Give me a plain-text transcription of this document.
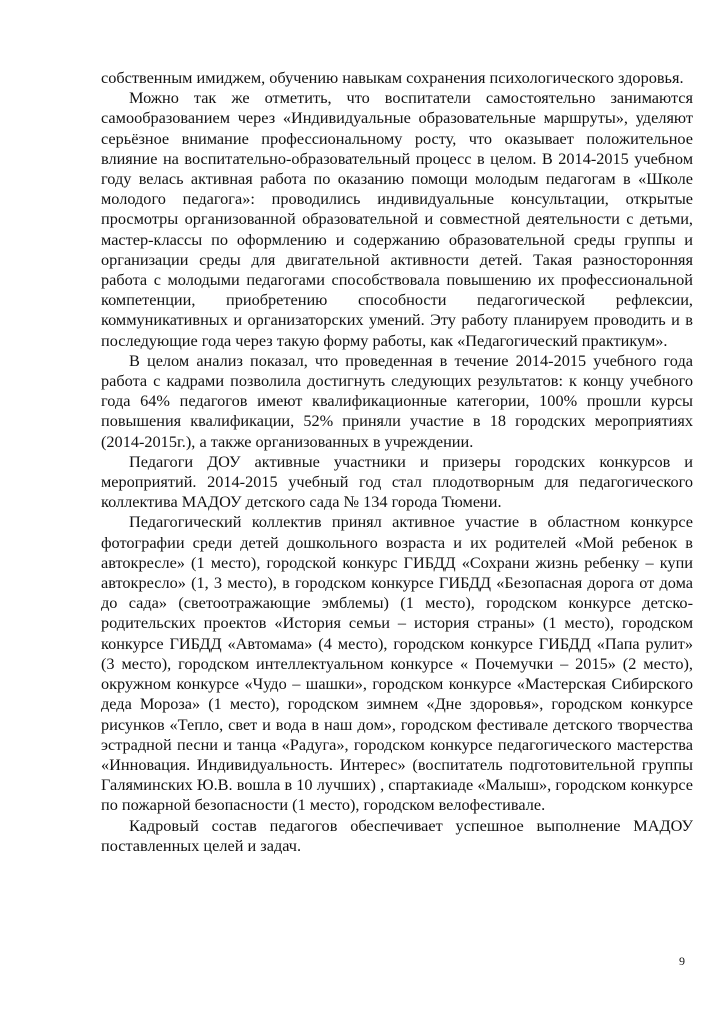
собственным имиджем, обучению навыкам сохранения психологического здоровья.

Можно так же отметить, что воспитатели самостоятельно занимаются самообразованием через «Индивидуальные образовательные маршруты», уделяют серьёзное внимание профессиональному росту, что оказывает положительное влияние на воспитательно-образовательный процесс в целом. В 2014-2015 учебном году велась активная работа по оказанию помощи молодым педагогам в «Школе молодого педагога»: проводились индивидуальные консультации, открытые просмотры организованной образовательной и совместной деятельности с детьми, мастер-классы по оформлению и содержанию образовательной среды группы и организации среды для двигательной активности детей. Такая разносторонняя работа с молодыми педагогами способствовала повышению их профессиональной компетенции, приобретению способности педагогической рефлексии, коммуникативных и организаторских умений. Эту работу планируем проводить и в последующие года через такую форму работы, как «Педагогический практикум».

В целом анализ показал, что проведенная в течение 2014-2015 учебного года работа с кадрами позволила достигнуть следующих результатов: к концу учебного года 64% педагогов имеют квалификационные категории, 100% прошли курсы повышения квалификации, 52% приняли участие в 18 городских мероприятиях (2014-2015г.), а также организованных в учреждении.

Педагоги ДОУ активные участники и призеры городских конкурсов и мероприятий. 2014-2015 учебный год стал плодотворным для педагогического коллектива МАДОУ детского сада № 134 города Тюмени.

Педагогический коллектив принял активное участие в областном конкурсе фотографии среди детей дошкольного возраста и их родителей «Мой ребенок в автокресле» (1 место), городской конкурс ГИБДД «Сохрани жизнь ребенку – купи автокресло» (1, 3 место), в городском конкурсе ГИБДД «Безопасная дорога от дома до сада» (светоотражающие эмблемы) (1 место), городском конкурсе детско- родительских проектов «История семьи – история страны» (1 место), городском конкурсе ГИБДД «Автомама» (4 место), городском конкурсе ГИБДД «Папа рулит» (3 место), городском интеллектуальном конкурсе « Почемучки – 2015» (2 место), окружном конкурсе «Чудо – шашки», городском конкурсе «Мастерская Сибирского деда Мороза» (1 место), городском зимнем «Дне здоровья», городском конкурсе рисунков «Тепло, свет и вода в наш дом», городском фестивале детского творчества эстрадной песни и танца «Радуга», городском конкурсе педагогического мастерства «Инновация. Индивидуальность. Интерес» (воспитатель подготовительной группы Галяминских Ю.В. вошла в 10 лучших) , спартакиаде «Малыш», городском конкурсе по пожарной безопасности (1 место), городском велофестивале.

Кадровый состав педагогов обеспечивает успешное выполнение МАДОУ поставленных целей и задач.

9
